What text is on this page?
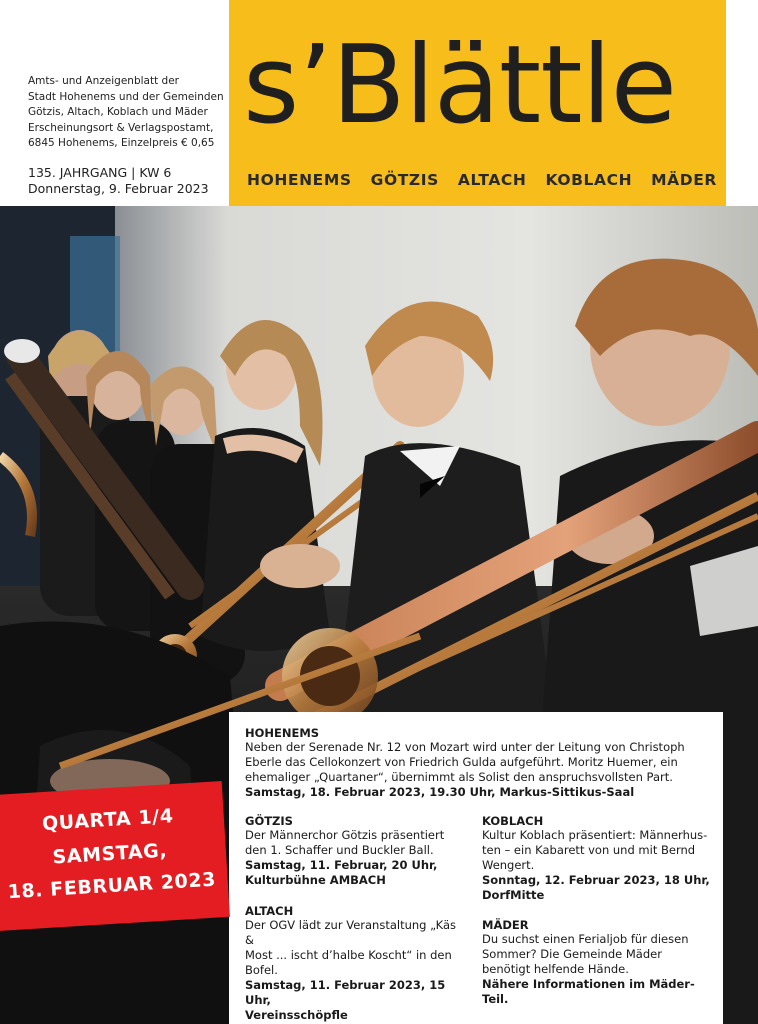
Amts- und Anzeigenblatt der
Stadt Hohenems und der Gemeinden
Götzis, Altach, Koblach und Mäder
Erscheinungsort & Verlagspostamt,
6845 Hohenems, Einzelpreis € 0,65
135. JAHRGANG | KW 6
Donnerstag, 9. Februar 2023
s’Blättle
HOHENEMS GÖTZIS ALTACH KOBLACH MÄDER
HOHENEMS
Neben der Serenade Nr. 12 von Mozart wird unter der Leitung von Christoph
Eberle das Cellokonzert von Friedrich Gulda aufgeführt. Moritz Huemer, ein
ehemaliger „Quartaner“, übernimmt als Solist den anspruchsvollsten Part.
Samstag, 18. Februar 2023, 19.30 Uhr, Markus-Sittikus-Saal
GÖTZIS
Der Männerchor Götzis präsentiert
den 1. Schaffer und Buckler Ball.
Samstag, 11. Februar, 20 Uhr,
Kulturbühne AMBACH
ALTACH
Der OGV lädt zur Veranstaltung „Käs &
Most ... ischt d’halbe Koscht“ in den
Bofel.
Samstag, 11. Februar 2023, 15 Uhr,
Vereinsschöpfle
KOBLACH
Kultur Koblach präsentiert: Männerhus-
ten – ein Kabarett von und mit Bernd
Wengert.
Sonntag, 12. Februar 2023, 18 Uhr,
DorfMitte
MÄDER
Du suchst einen Ferialjob für diesen
Sommer? Die Gemeinde Mäder
benötigt helfende Hände.
Nähere Informationen im Mäder-Teil.
QUARTA 1/4
SAMSTAG,
18. FEBRUAR 2023
